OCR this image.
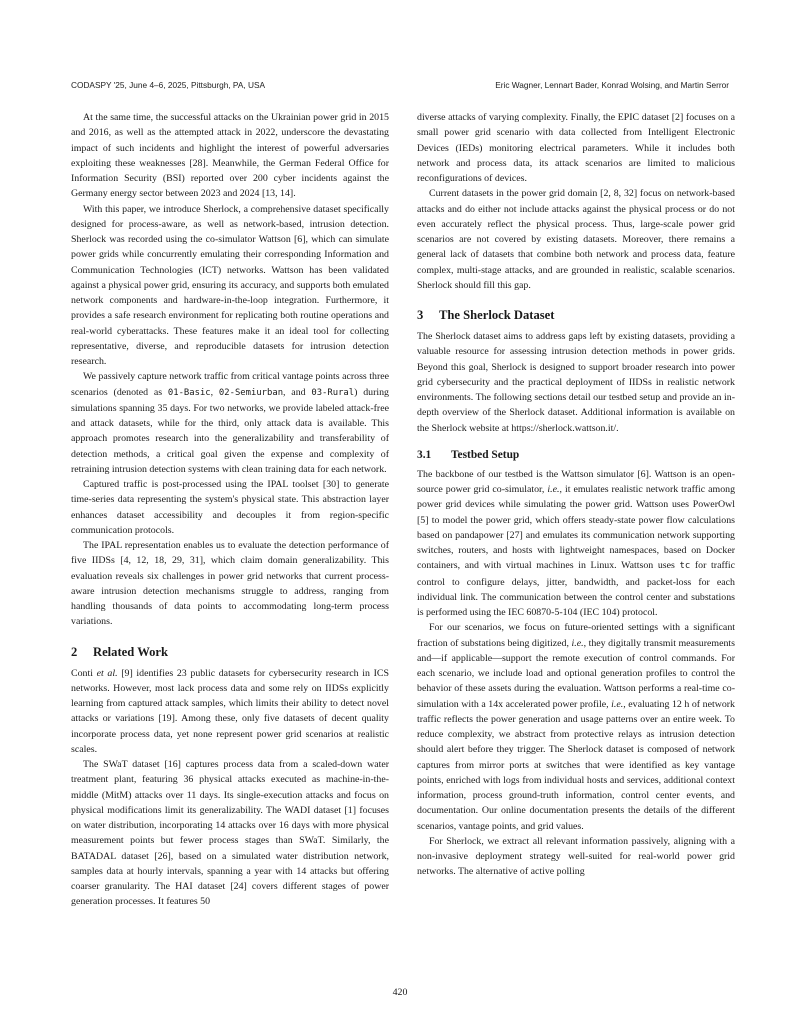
CODASPY '25, June 4–6, 2025, Pittsburgh, PA, USA	Eric Wagner, Lennart Bader, Konrad Wolsing, and Martin Serror

At the same time, the successful attacks on the Ukrainian power grid in 2015 and 2016, as well as the attempted attack in 2022, underscore the devastating impact of such incidents and highlight the interest of powerful adversaries exploiting these weaknesses [28]. Meanwhile, the German Federal Office for Information Security (BSI) reported over 200 cyber incidents against the Germany energy sector between 2023 and 2024 [13, 14].

With this paper, we introduce Sherlock, a comprehensive dataset specifically designed for process-aware, as well as network-based, intrusion detection. Sherlock was recorded using the co-simulator Wattson [6], which can simulate power grids while concurrently emulating their corresponding Information and Communication Technologies (ICT) networks. Wattson has been validated against a physical power grid, ensuring its accuracy, and supports both emulated network components and hardware-in-the-loop integration. Furthermore, it provides a safe research environment for replicating both routine operations and real-world cyberattacks. These features make it an ideal tool for collecting representative, diverse, and reproducible datasets for intrusion detection research.

We passively capture network traffic from critical vantage points across three scenarios (denoted as 01-Basic, 02-Semiurban, and 03-Rural) during simulations spanning 35 days. For two networks, we provide labeled attack-free and attack datasets, while for the third, only attack data is available. This approach promotes research into the generalizability and transferability of detection methods, a critical goal given the expense and complexity of retraining intrusion detection systems with clean training data for each network.

Captured traffic is post-processed using the IPAL toolset [30] to generate time-series data representing the system's physical state. This abstraction layer enhances dataset accessibility and decouples it from region-specific communication protocols.

The IPAL representation enables us to evaluate the detection performance of five IIDSs [4, 12, 18, 29, 31], which claim domain generalizability. This evaluation reveals six challenges in power grid networks that current process-aware intrusion detection mechanisms struggle to address, ranging from handling thousands of data points to accommodating long-term process variations.

2 Related Work

Conti et al. [9] identifies 23 public datasets for cybersecurity research in ICS networks. However, most lack process data and some rely on IIDSs explicitly learning from captured attack samples, which limits their ability to detect novel attacks or variations [19]. Among these, only five datasets of decent quality incorporate process data, yet none represent power grid scenarios at realistic scales.

The SWaT dataset [16] captures process data from a scaled-down water treatment plant, featuring 36 physical attacks executed as machine-in-the-middle (MitM) attacks over 11 days. Its single-execution attacks and focus on physical modifications limit its generalizability. The WADI dataset [1] focuses on water distribution, incorporating 14 attacks over 16 days with more physical measurement points but fewer process stages than SWaT. Similarly, the BATADAL dataset [26], based on a simulated water distribution network, samples data at hourly intervals, spanning a year with 14 attacks but offering coarser granularity. The HAI dataset [24] covers different stages of power generation processes. It features 50

diverse attacks of varying complexity. Finally, the EPIC dataset [2] focuses on a small power grid scenario with data collected from Intelligent Electronic Devices (IEDs) monitoring electrical parameters. While it includes both network and process data, its attack scenarios are limited to malicious reconfigurations of devices.

Current datasets in the power grid domain [2, 8, 32] focus on network-based attacks and do either not include attacks against the physical process or do not even accurately reflect the physical process. Thus, large-scale power grid scenarios are not covered by existing datasets. Moreover, there remains a general lack of datasets that combine both network and process data, feature complex, multi-stage attacks, and are grounded in realistic, scalable scenarios. Sherlock should fill this gap.

3 The Sherlock Dataset

The Sherlock dataset aims to address gaps left by existing datasets, providing a valuable resource for assessing intrusion detection methods in power grids. Beyond this goal, Sherlock is designed to support broader research into power grid cybersecurity and the practical deployment of IIDSs in realistic network environments. The following sections detail our testbed setup and provide an in-depth overview of the Sherlock dataset. Additional information is available on the Sherlock website at https://sherlock.wattson.it/.

3.1 Testbed Setup

The backbone of our testbed is the Wattson simulator [6]. Wattson is an open-source power grid co-simulator, i.e., it emulates realistic network traffic among power grid devices while simulating the power grid. Wattson uses PowerOwl [5] to model the power grid, which offers steady-state power flow calculations based on pandapower [27] and emulates its communication network supporting switches, routers, and hosts with lightweight namespaces, based on Docker containers, and with virtual machines in Linux. Wattson uses tc for traffic control to configure delays, jitter, bandwidth, and packet-loss for each individual link. The communication between the control center and substations is performed using the IEC 60870-5-104 (IEC 104) protocol.

For our scenarios, we focus on future-oriented settings with a significant fraction of substations being digitized, i.e., they digitally transmit measurements and—if applicable—support the remote execution of control commands. For each scenario, we include load and optional generation profiles to control the behavior of these assets during the evaluation. Wattson performs a real-time co-simulation with a 14x accelerated power profile, i.e., evaluating 12 h of network traffic reflects the power generation and usage patterns over an entire week. To reduce complexity, we abstract from protective relays as intrusion detection should alert before they trigger. The Sherlock dataset is composed of network captures from mirror ports at switches that were identified as key vantage points, enriched with logs from individual hosts and services, additional context information, process ground-truth information, control center events, and documentation. Our online documentation presents the details of the different scenarios, vantage points, and grid values.

For Sherlock, we extract all relevant information passively, aligning with a non-invasive deployment strategy well-suited for real-world power grid networks. The alternative of active polling

420
